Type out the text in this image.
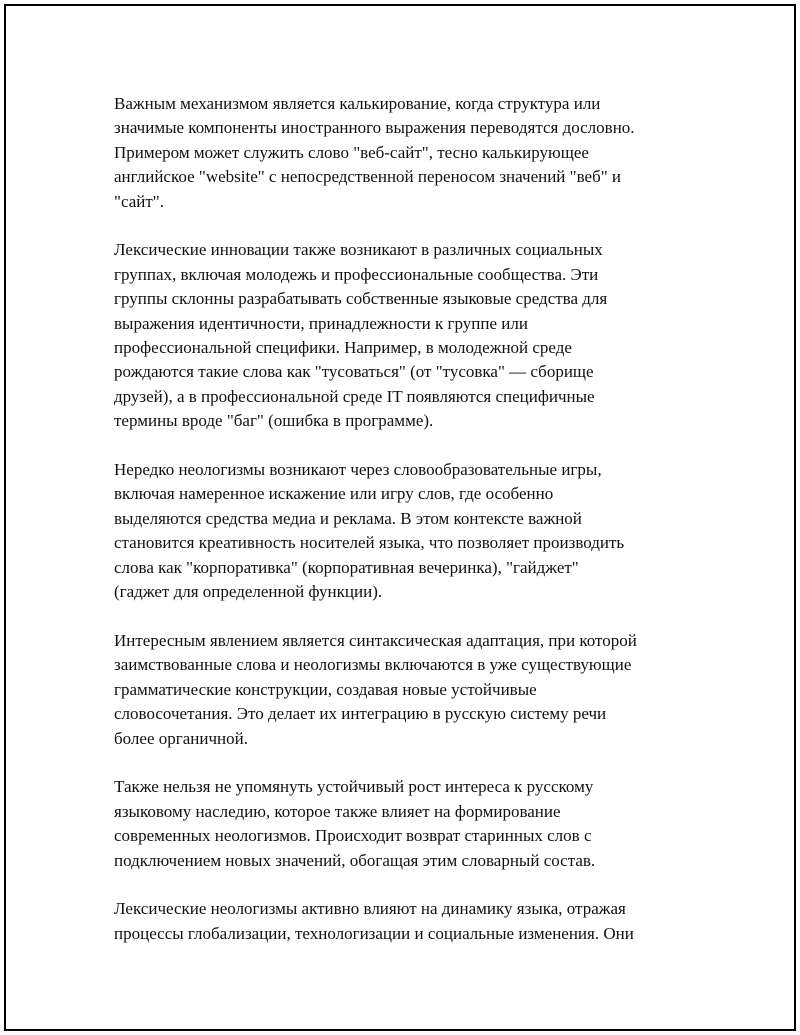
Важным механизмом является калькирование, когда структура или
значимые компоненты иностранного выражения переводятся дословно.
Примером может служить слово "веб-сайт", тесно калькирующее
английское "website" с непосредственной переносом значений "веб" и
"сайт".

Лексические инновации также возникают в различных социальных
группах, включая молодежь и профессиональные сообщества. Эти
группы склонны разрабатывать собственные языковые средства для
выражения идентичности, принадлежности к группе или
профессиональной специфики. Например, в молодежной среде
рождаются такие слова как "тусоваться" (от "тусовка" — сборище
друзей), а в профессиональной среде IT появляются специфичные
термины вроде "баг" (ошибка в программе).

Нередко неологизмы возникают через словообразовательные игры,
включая намеренное искажение или игру слов, где особенно
выделяются средства медиа и реклама. В этом контексте важной
становится креативность носителей языка, что позволяет производить
слова как "корпоративка" (корпоративная вечеринка), "гайджет"
(гаджет для определенной функции).

Интересным явлением является синтаксическая адаптация, при которой
заимствованные слова и неологизмы включаются в уже существующие
грамматические конструкции, создавая новые устойчивые
словосочетания. Это делает их интеграцию в русскую систему речи
более органичной.

Также нельзя не упомянуть устойчивый рост интереса к русскому
языковому наследию, которое также влияет на формирование
современных неологизмов. Происходит возврат старинных слов с
подключением новых значений, обогащая этим словарный состав.

Лексические неологизмы активно влияют на динамику языка, отражая
процессы глобализации, технологизации и социальные изменения. Они
